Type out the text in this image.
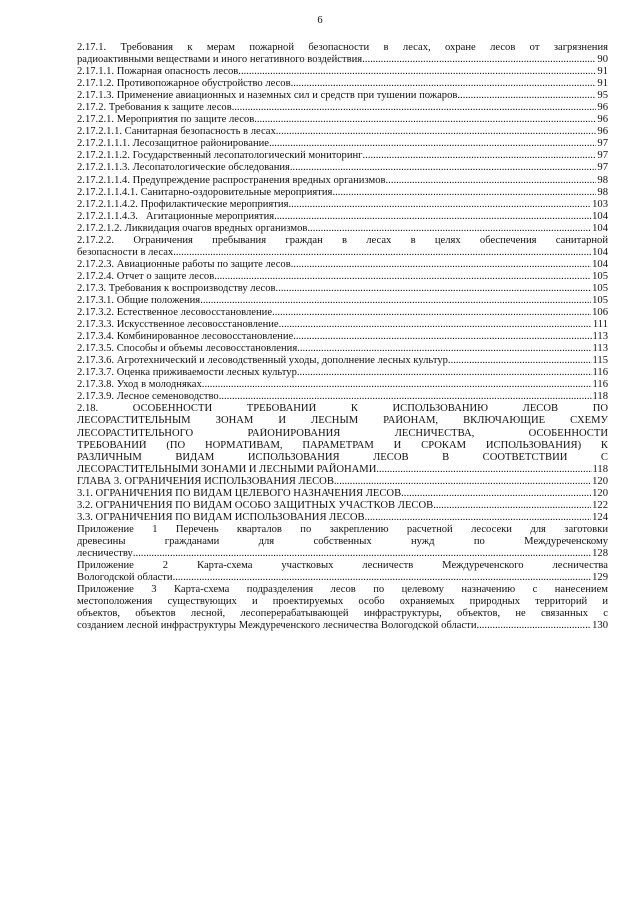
6
2.17.1. Требования к мерам пожарной безопасности в лесах, охране лесов от загрязнения
радиоактивными веществами и иного негативного воздействия .....	90
2.17.1.1. Пожарная опасность лесов .....	91
2.17.1.2. Противопожарное обустройство лесов .....	91
2.17.1.3. Применение авиационных и наземных сил и средств при тушении пожаров .....	95
2.17.2. Требования к защите лесов .....	96
2.17.2.1. Мероприятия по защите лесов .....	96
2.17.2.1.1. Санитарная безопасность в лесах .....	96
2.17.2.1.1.1. Лесозащитное районирование .....	97
2.17.2.1.1.2. Государственный лесопатологический мониторинг .....	97
2.17.2.1.1.3. Лесопатологические обследования .....	97
2.17.2.1.1.4. Предупреждение распространения вредных организмов .....	98
2.17.2.1.1.4.1. Санитарно-оздоровительные мероприятия .....	98
2.17.2.1.1.4.2. Профилактические мероприятия .....	103
2.17.2.1.1.4.3.   Агитационные мероприятия .....	104
2.17.2.1.2. Ликвидация очагов вредных организмов .....	104
2.17.2.2. Ограничения пребывания граждан в лесах в целях обеспечения санитарной
безопасности в лесах .....	104
2.17.2.3. Авиационные работы по защите лесов .....	104
2.17.2.4. Отчет о защите лесов .....	105
2.17.3. Требования к воспроизводству лесов .....	105
2.17.3.1. Общие положения .....	105
2.17.3.2. Естественное лесовосстановление .....	106
2.17.3.3. Искусственное лесовосстановление .....	111
2.17.3.4. Комбинированное лесовосстановление .....	113
2.17.3.5. Способы и объемы лесовосстановления .....	113
2.17.3.6. Агротехнический и лесоводственный уходы, дополнение лесных культур .....	115
2.17.3.7. Оценка приживаемости лесных культур .....	116
2.17.3.8. Уход в молодняках .....	116
2.17.3.9. Лесное семеноводство .....	118
2.18. ОСОБЕННОСТИ ТРЕБОВАНИЙ К ИСПОЛЬЗОВАНИЮ ЛЕСОВ ПО
ЛЕСОРАСТИТЕЛЬНЫМ ЗОНАМ И ЛЕСНЫМ РАЙОНАМ, ВКЛЮЧАЮЩИЕ СХЕМУ
ЛЕСОРАСТИТЕЛЬНОГО РАЙОНИРОВАНИЯ ЛЕСНИЧЕСТВА, ОСОБЕННОСТИ
ТРЕБОВАНИЙ (ПО НОРМАТИВАМ, ПАРАМЕТРАМ И СРОКАМ ИСПОЛЬЗОВАНИЯ) К
РАЗЛИЧНЫМ ВИДАМ ИСПОЛЬЗОВАНИЯ ЛЕСОВ В СООТВЕТСТВИИ С
ЛЕСОРАСТИТЕЛЬНЫМИ ЗОНАМИ И ЛЕСНЫМИ РАЙОНАМИ .....	118
ГЛАВА 3. ОГРАНИЧЕНИЯ ИСПОЛЬЗОВАНИЯ ЛЕСОВ .....	120
3.1. ОГРАНИЧЕНИЯ ПО ВИДАМ ЦЕЛЕВОГО НАЗНАЧЕНИЯ ЛЕСОВ .....	120
3.2. ОГРАНИЧЕНИЯ ПО ВИДАМ ОСОБО ЗАЩИТНЫХ УЧАСТКОВ ЛЕСОВ .....	122
3.3. ОГРАНИЧЕНИЯ ПО ВИДАМ ИСПОЛЬЗОВАНИЯ ЛЕСОВ .....	124
Приложение 1 Перечень кварталов по закреплению расчетной лесосеки для заготовки
древесины гражданами для собственных нужд по Междуреченскому
лесничеству .....	128
Приложение 2 Карта-схема участковых лесничеств Междуреченского лесничества
Вологодской области .....	129
Приложение 3 Карта-схема подразделения лесов по целевому назначению с нанесением
местоположения существующих и проектируемых особо охраняемых природных территорий и
объектов, объектов лесной, лесоперерабатывающей инфраструктуры, объектов, не связанных с
созданием лесной инфраструктуры Междуреченского лесничества Вологодской области .....	130
